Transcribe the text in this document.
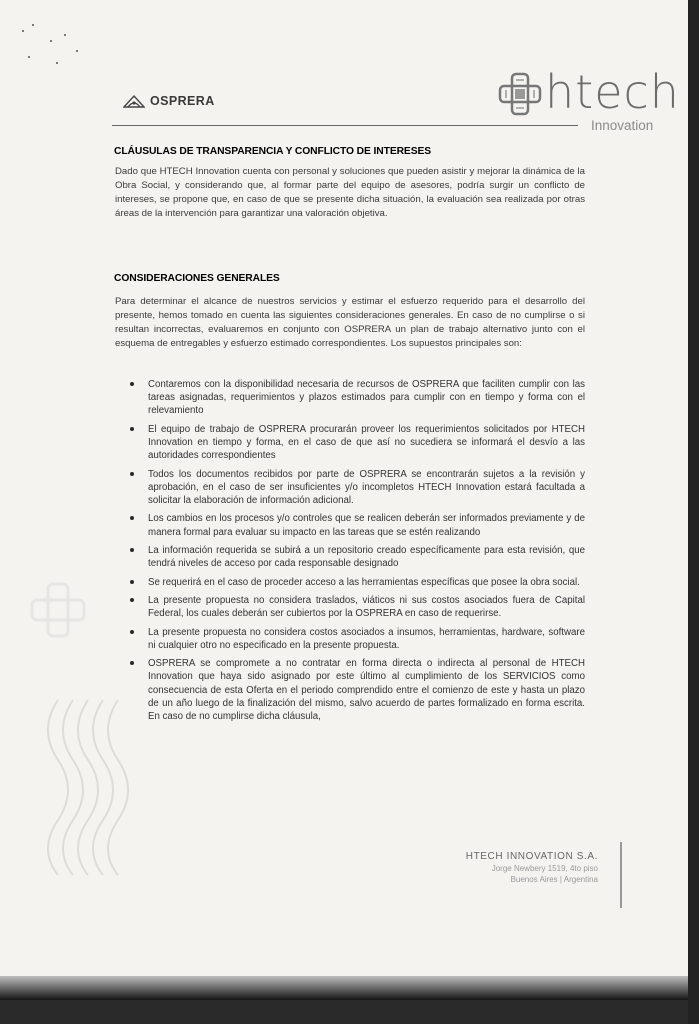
OSPRERA	htech
Innovation
CLÁUSULAS DE TRANSPARENCIA Y CONFLICTO DE INTERESES

Dado que HTECH Innovation cuenta con personal y soluciones que pueden asistir y mejorar la dinámica de la Obra Social, y considerando que, al formar parte del equipo de asesores, podría surgir un conflicto de intereses, se propone que, en caso de que se presente dicha situación, la evaluación sea realizada por otras áreas de la intervención para garantizar una valoración objetiva.

CONSIDERACIONES GENERALES

Para determinar el alcance de nuestros servicios y estimar el esfuerzo requerido para el desarrollo del presente, hemos tomado en cuenta las siguientes consideraciones generales. En caso de no cumplirse o si resultan incorrectas, evaluaremos en conjunto con OSPRERA un plan de trabajo alternativo junto con el esquema de entregables y esfuerzo estimado correspondientes. Los supuestos principales son:

Contaremos con la disponibilidad necesaria de recursos de OSPRERA que faciliten cumplir con las tareas asignadas, requerimientos y plazos estimados para cumplir con en tiempo y forma con el relevamiento
El equipo de trabajo de OSPRERA procurarán proveer los requerimientos solicitados por HTECH Innovation en tiempo y forma, en el caso de que así no sucediera se informará el desvío a las autoridades correspondientes
Todos los documentos recibidos por parte de OSPRERA se encontrarán sujetos a la revisión y aprobación, en el caso de ser insuficientes y/o incompletos HTECH Innovation estará facultada a solicitar la elaboración de información adicional.
Los cambios en los procesos y/o controles que se realicen deberán ser informados previamente y de manera formal para evaluar su impacto en las tareas que se estén realizando
La información requerida se subirá a un repositorio creado específicamente para esta revisión, que tendrá niveles de acceso por cada responsable designado
Se requerirá en el caso de proceder acceso a las herramientas específicas que posee la obra social.
La presente propuesta no considera traslados, viáticos ni sus costos asociados fuera de Capital Federal, los cuales deberán ser cubiertos por la OSPRERA en caso de requerirse.
La presente propuesta no considera costos asociados a insumos, herramientas, hardware, software ni cualquier otro no especificado en la presente propuesta.
OSPRERA se compromete a no contratar en forma directa o indirecta al personal de HTECH Innovation que haya sido asignado por este último al cumplimiento de los SERVICIOS como consecuencia de esta Oferta en el periodo comprendido entre el comienzo de este y hasta un plazo de un año luego de la finalización del mismo, salvo acuerdo de partes formalizado en forma escrita. En caso de no cumplirse dicha cláusula,
HTECH INNOVATION S.A.
Jorge Newbery 1519, 4to piso
Buenos Aires | Argentina
